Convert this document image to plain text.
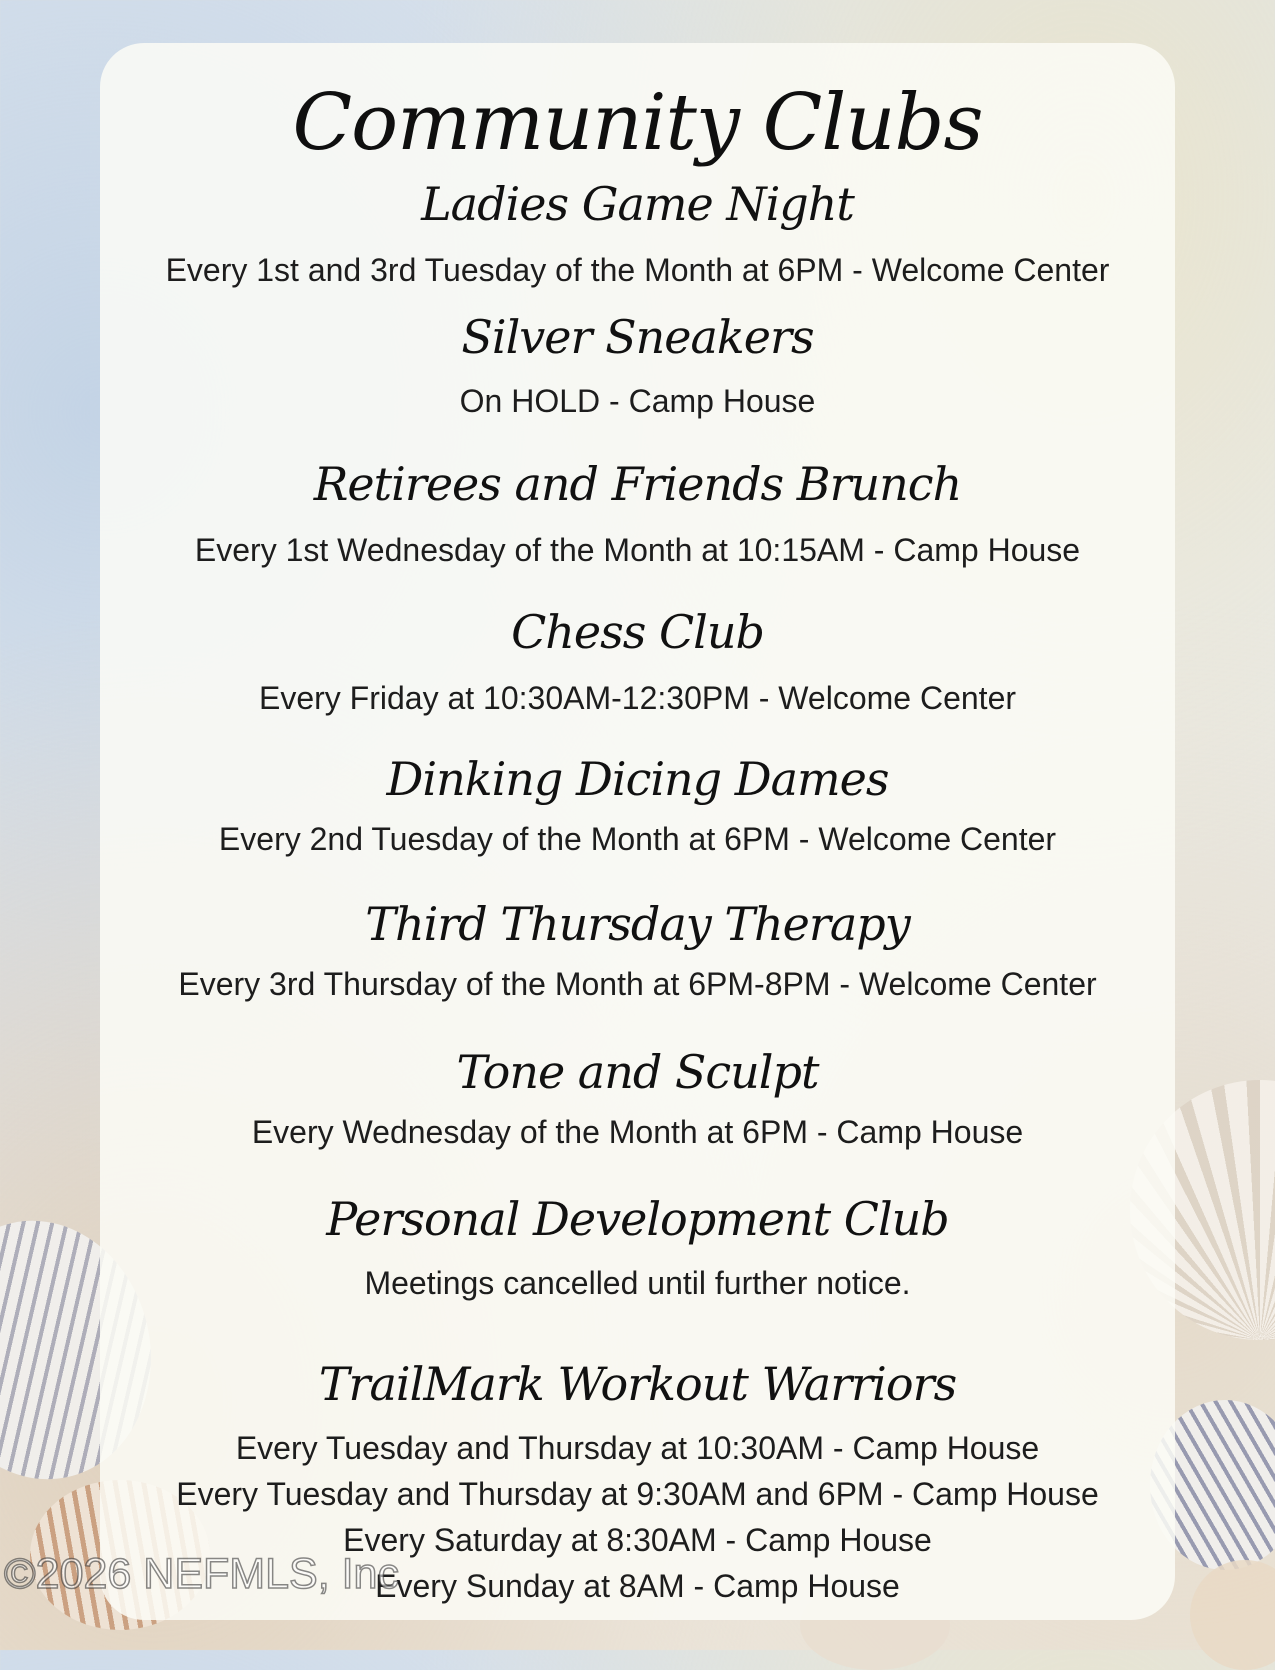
Community Clubs
Ladies Game Night

Every 1st and 3rd Tuesday of the Month at 6PM - Welcome Center

Silver Sneakers

On HOLD - Camp House

Retirees and Friends Brunch

Every 1st Wednesday of the Month at 10:15AM - Camp House

Chess Club

Every Friday at 10:30AM-12:30PM - Welcome Center

Dinking Dicing Dames

Every 2nd Tuesday of the Month at 6PM - Welcome Center

Third Thursday Therapy

Every 3rd Thursday of the Month at 6PM-8PM - Welcome Center

Tone and Sculpt

Every Wednesday of the Month at 6PM - Camp House

Personal Development Club

Meetings cancelled until further notice.

TrailMark Workout Warriors

Every Tuesday and Thursday at 10:30AM - Camp House

Every Tuesday and Thursday at 9:30AM and 6PM - Camp House

Every Saturday at 8:30AM - Camp House

Every Sunday at 8AM - Camp House

©2026 NEFMLS, Inc
